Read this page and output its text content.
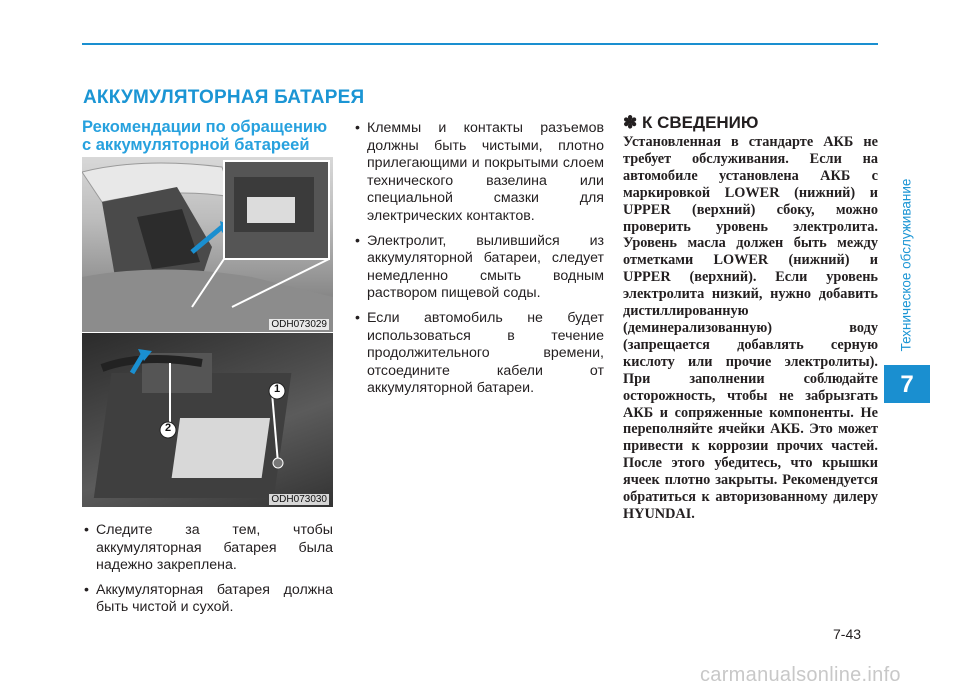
АККУМУЛЯТОРНАЯ БАТАРЕЯ
Рекомендации по обращению
с аккумуляторной батареей
ODH073029
1
2
ODH073030
• Следите за тем, чтобы аккумуляторная батарея была надежно закреплена.
• Аккумуляторная батарея должна быть чистой и сухой.
• Клеммы и контакты разъемов должны быть чистыми, плотно прилегающими и покрытыми слоем технического вазелина или специальной смазки для электрических контактов.
• Электролит, вылившийся из аккумуляторной батареи, следует немедленно смыть водным раствором пищевой соды.
• Если автомобиль не будет использоваться в течение продолжительного времени, отсоедините кабели от аккумуляторной батареи.
✽ К СВЕДЕНИЮ
Установленная в стандарте АКБ не требует обслуживания. Если на автомобиле установлена АКБ с маркировкой LOWER (нижний) и UPPER (верхний) сбоку, можно проверить уровень электролита. Уровень масла должен быть между отметками LOWER (нижний) и UPPER (верхний). Если уровень электролита низкий, нужно добавить дистиллированную (деминерализованную) воду (запрещается добавлять серную кислоту или прочие электролиты). При заполнении соблюдайте осторожность, чтобы не забрызгать АКБ и сопряженные компоненты. Не переполняйте ячейки АКБ. Это может привести к коррозии прочих частей. После этого убедитесь, что крышки ячеек плотно закрыты. Рекомендуется обратиться к авторизованному дилеру HYUNDAI.
Техническое обслуживание
7
7-43
carmanualsonline.info
